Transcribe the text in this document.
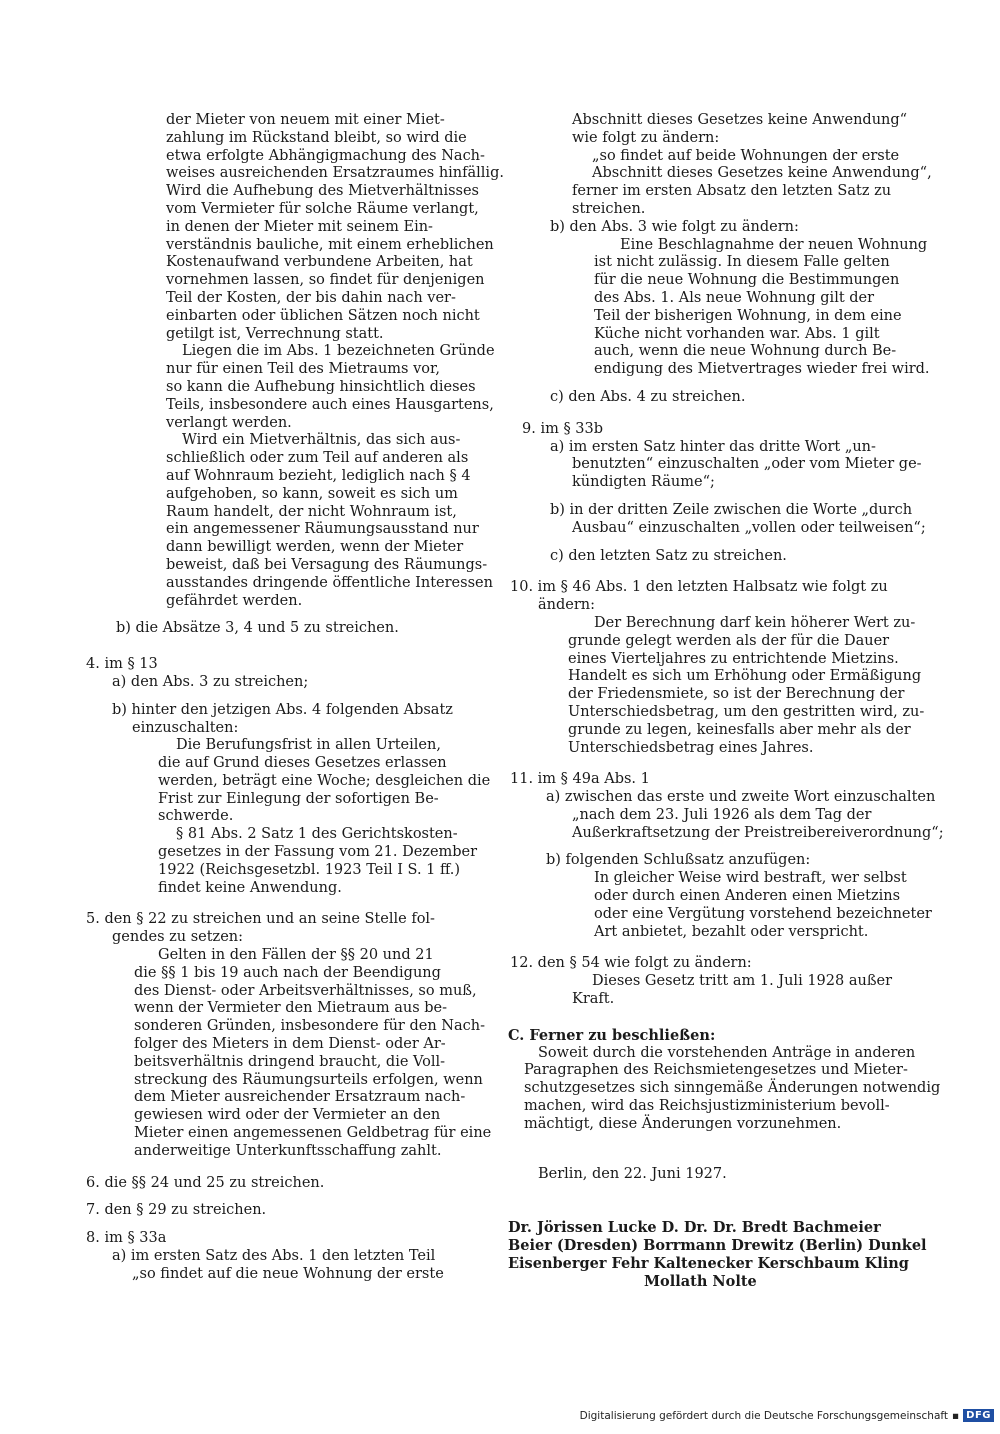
der Mieter von neuem mit einer Miet-
zahlung im Rückstand bleibt, so wird die
etwa erfolgte Abhängigmachung des Nach-
weises ausreichenden Ersatzraumes hinfällig.
Wird die Aufhebung des Mietverhältnisses
vom Vermieter für solche Räume verlangt,
in denen der Mieter mit seinem Ein-
verständnis bauliche, mit einem erheblichen
Kostenaufwand verbundene Arbeiten, hat
vornehmen lassen, so findet für denjenigen
Teil der Kosten, der bis dahin nach ver-
einbarten oder üblichen Sätzen noch nicht
getilgt ist, Verrechnung statt.
Liegen die im Abs. 1 bezeichneten Gründe
nur für einen Teil des Mietraums vor,
so kann die Aufhebung hinsichtlich dieses
Teils, insbesondere auch eines Hausgartens,
verlangt werden.
Wird ein Mietverhältnis, das sich aus-
schließlich oder zum Teil auf anderen als
auf Wohnraum bezieht, lediglich nach § 4
aufgehoben, so kann, soweit es sich um
Raum handelt, der nicht Wohnraum ist,
ein angemessener Räumungsausstand nur
dann bewilligt werden, wenn der Mieter
beweist, daß bei Versagung des Räumungs-
ausstandes dringende öffentliche Interessen
gefährdet werden.
b) die Absätze 3, 4 und 5 zu streichen.
4. im § 13
a) den Abs. 3 zu streichen;
b) hinter den jetzigen Abs. 4 folgenden Absatz
einzuschalten:
Die Berufungsfrist in allen Urteilen,
die auf Grund dieses Gesetzes erlassen
werden, beträgt eine Woche; desgleichen die
Frist zur Einlegung der sofortigen Be-
schwerde.
§ 81 Abs. 2 Satz 1 des Gerichtskosten-
gesetzes in der Fassung vom 21. Dezember
1922 (Reichsgesetzbl. 1923 Teil I S. 1 ff.)
findet keine Anwendung.
5. den § 22 zu streichen und an seine Stelle fol-
gendes zu setzen:
Gelten in den Fällen der §§ 20 und 21
die §§ 1 bis 19 auch nach der Beendigung
des Dienst- oder Arbeitsverhältnisses, so muß,
wenn der Vermieter den Mietraum aus be-
sonderen Gründen, insbesondere für den Nach-
folger des Mieters in dem Dienst- oder Ar-
beitsverhältnis dringend braucht, die Voll-
streckung des Räumungsurteils erfolgen, wenn
dem Mieter ausreichender Ersatzraum nach-
gewiesen wird oder der Vermieter an den
Mieter einen angemessenen Geldbetrag für eine
anderweitige Unterkunftsschaffung zahlt.
6. die §§ 24 und 25 zu streichen.
7. den § 29 zu streichen.
8. im § 33a
a) im ersten Satz des Abs. 1 den letzten Teil
„so findet auf die neue Wohnung der erste
Abschnitt dieses Gesetzes keine Anwendung“
wie folgt zu ändern:
„so findet auf beide Wohnungen der erste
Abschnitt dieses Gesetzes keine Anwendung“,
ferner im ersten Absatz den letzten Satz zu
streichen.
b) den Abs. 3 wie folgt zu ändern:
Eine Beschlagnahme der neuen Wohnung
ist nicht zulässig. In diesem Falle gelten
für die neue Wohnung die Bestimmungen
des Abs. 1. Als neue Wohnung gilt der
Teil der bisherigen Wohnung, in dem eine
Küche nicht vorhanden war. Abs. 1 gilt
auch, wenn die neue Wohnung durch Be-
endigung des Mietvertrages wieder frei wird.
c) den Abs. 4 zu streichen.
9. im § 33b
a) im ersten Satz hinter das dritte Wort „un-
benutzten“ einzuschalten „oder vom Mieter ge-
kündigten Räume“;
b) in der dritten Zeile zwischen die Worte „durch
Ausbau“ einzuschalten „vollen oder teilweisen“;
c) den letzten Satz zu streichen.
10. im § 46 Abs. 1 den letzten Halbsatz wie folgt zu
ändern:
Der Berechnung darf kein höherer Wert zu-
grunde gelegt werden als der für die Dauer
eines Vierteljahres zu entrichtende Mietzins.
Handelt es sich um Erhöhung oder Ermäßigung
der Friedensmiete, so ist der Berechnung der
Unterschiedsbetrag, um den gestritten wird, zu-
grunde zu legen, keinesfalls aber mehr als der
Unterschiedsbetrag eines Jahres.
11. im § 49a Abs. 1
a) zwischen das erste und zweite Wort einzuschalten
„nach dem 23. Juli 1926 als dem Tag der
Außerkraftsetzung der Preistreibereiverordnung“;
b) folgenden Schlußsatz anzufügen:
In gleicher Weise wird bestraft, wer selbst
oder durch einen Anderen einen Mietzins
oder eine Vergütung vorstehend bezeichneter
Art anbietet, bezahlt oder verspricht.
12. den § 54 wie folgt zu ändern:
Dieses Gesetz tritt am 1. Juli 1928 außer
Kraft.
C. Ferner zu beschließen:
Soweit durch die vorstehenden Anträge in anderen
Paragraphen des Reichsmietengesetzes und Mieter-
schutzgesetzes sich sinngemäße Änderungen notwendig
machen, wird das Reichsjustizministerium bevoll-
mächtigt, diese Änderungen vorzunehmen.
Berlin, den 22. Juni 1927.
Dr. Jörissen Lucke D. Dr. Dr. Bredt Bachmeier
Beier (Dresden) Borrmann Drewitz (Berlin) Dunkel
Eisenberger Fehr Kaltenecker Kerschbaum Kling
Mollath Nolte
Digitalisierung gefördert durch die Deutsche Forschungsgemeinschaft ▪ DFG
